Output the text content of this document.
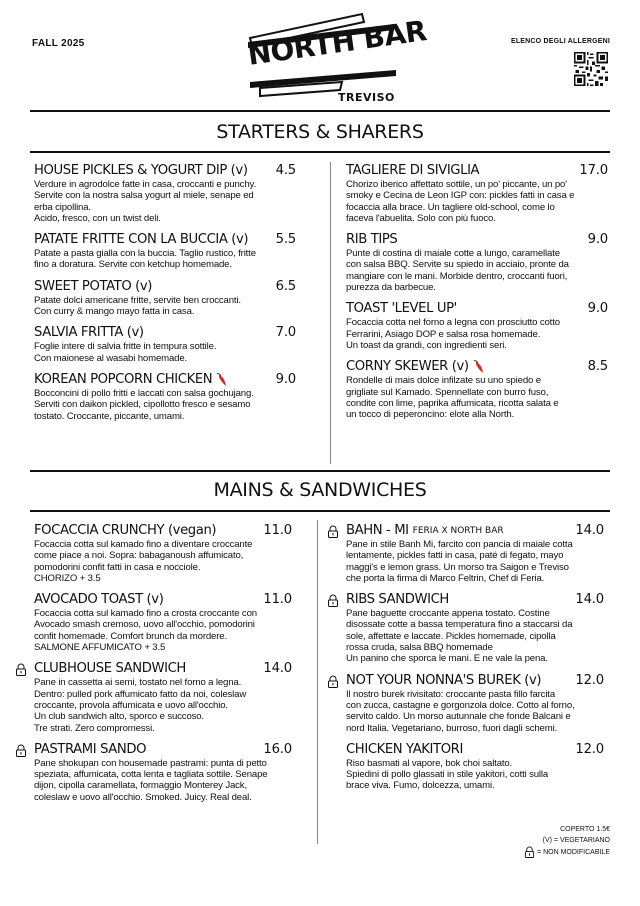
FALL 2025	ELENCO DEGLI ALLERGENI
NORTH BAR
TREVISO
STARTERS & SHARERS
HOUSE PICKLES & YOGURT DIP (v) 4.5
Verdure in agrodolce fatte in casa, croccanti e punchy.
Servite con la nostra salsa yogurt al miele, senape ed
erba cipollina.
Acido, fresco, con un twist deli.
PATATE FRITTE CON LA BUCCIA (v) 5.5
Patate a pasta gialla con la buccia. Taglio rustico, fritte
fino a doratura. Servite con ketchup homemade.
SWEET POTATO (v)	6.5
Patate dolci americane fritte, servite ben croccanti.
Con curry & mango mayo fatta in casa.
SALVIA FRITTA (v)	7.0
Foglie intere di salvia fritte in tempura sottile.
Con maionese al wasabi homemade.
KOREAN POPCORN CHICKEN	9.0
Bocconcini di pollo fritti e laccati con salsa gochujang.
Serviti con daikon pickled, cipollotto fresco e sesamo
tostato. Croccante, piccante, umami.
TAGLIERE DI SIVIGLIA	17.0
Chorizo iberico affettato sottile, un po' piccante, un po'
smoky e Cecina de Leon IGP con: pickles fatti in casa e
focaccia alla brace. Un tagliere old-school, come lo
faceva l'abuelita. Solo con più fuoco.
RIB TIPS	9.0
Punte di costina di maiale cotte a lungo, caramellate
con salsa BBQ. Servite su spiedo in acciaio, pronte da
mangiare con le mani. Morbide dentro, croccanti fuori,
purezza da barbecue.
TOAST 'LEVEL UP'	9.0
Focaccia cotta nel forno a legna con prosciutto cotto
Ferrarini, Asiago DOP e salsa rosa homemade.
Un toast da grandi, con ingredienti seri.
CORNY SKEWER (v)	8.5
Rondelle di mais dolce infilzate su uno spiedo e
grigliate sul Kamado. Spennellate con burro fuso,
condite con lime, paprika affumicata, ricotta salata e
un tocco di peperoncino: elote alla North.
MAINS & SANDWICHES
FOCACCIA CRUNCHY (vegan)	11.0
Focaccia cotta sul kamado fino a diventare croccante
come piace a noi. Sopra: babaganoush affumicato,
pomodorini confit fatti in casa e nocciole.
CHORIZO + 3.5
AVOCADO TOAST (v)	11.0
Focaccia cotta sul kamado fino a crosta croccante con
Avocado smash cremoso, uovo all'occhio, pomodorini
confit homemade. Comfort brunch da mordere.
SALMONE AFFUMICATO + 3.5
CLUBHOUSE SANDWICH	14.0
Pane in cassetta ai semi, tostato nel forno a legna.
Dentro: pulled pork affumicato fatto da noi, coleslaw
croccante, provola affumicata e uovo all'occhio.
Un club sandwich alto, sporco e succoso.
Tre strati. Zero compromessi.
PASTRAMI SANDO	16.0
Pane shokupan con housemade pastrami: punta di petto
speziata, affumicata, cotta lenta e tagliata sottile. Senape
dijon, cipolla caramellata, formaggio Monterey Jack,
coleslaw e uovo all'occhio. Smoked. Juicy. Real deal.
BAHN - MI FERIA X NORTH BAR	14.0
Pane in stile Banh Mi, farcito con pancia di maiale cotta
lentamente, pickles fatti in casa, paté di fegato, mayo
maggi's e lemon grass. Un morso tra Saigon e Treviso
che porta la firma di Marco Feltrin, Chef di Feria.
RIBS SANDWICH	14.0
Pane baguette croccante appena tostato. Costine
disossate cotte a bassa temperatura fino a staccarsi da
sole, affettate e laccate. Pickles homemade, cipolla
rossa cruda, salsa BBQ homemade
Un panino che sporca le mani. E ne vale la pena.
NOT YOUR NONNA'S BUREK (v)	12.0
Il nostro burek rivisitato: croccante pasta fillo farcita
con zucca, castagne e gorgonzola dolce. Cotto al forno,
servito caldo. Un morso autunnale che fonde Balcani e
nord Italia. Vegetariano, burroso, fuori dagli schemi.
CHICKEN YAKITORI	12.0
Riso basmati al vapore, bok choi saltato.
Spiedini di pollo glassati in stile yakitori, cotti sulla
brace viva. Fumo, dolcezza, umami.
COPERTO 1.5€
(V) = VEGETARIANO
= NON MODIFICABILE
